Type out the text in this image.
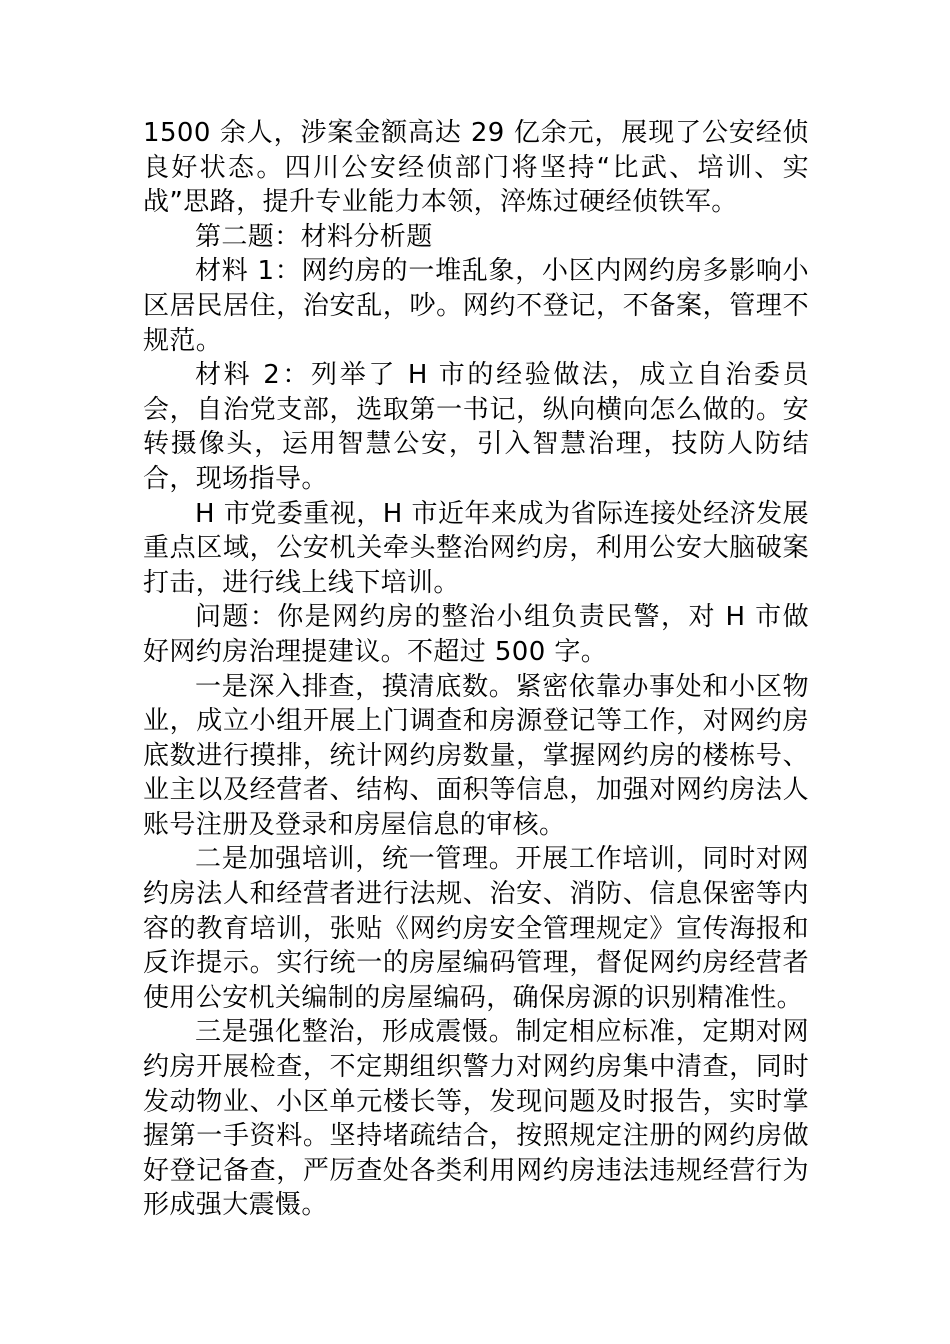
1500 余人，涉案金额高达 29 亿余元，展现了公安经侦良好状态。四川公安经侦部门将坚持“比武、培训、实战”思路，提升专业能力本领，淬炼过硬经侦铁军。

第二题：材料分析题

材料 1：网约房的一堆乱象，小区内网约房多影响小区居民居住，治安乱，吵。网约不登记，不备案，管理不规范。

材料 2：列举了 H 市的经验做法，成立自治委员会，自治党支部，选取第一书记，纵向横向怎么做的。安转摄像头，运用智慧公安，引入智慧治理，技防人防结合，现场指导。

H 市党委重视，H 市近年来成为省际连接处经济发展重点区域，公安机关牵头整治网约房，利用公安大脑破案打击，进行线上线下培训。

问题：你是网约房的整治小组负责民警，对 H 市做好网约房治理提建议。不超过 500 字。

一是深入排查，摸清底数。紧密依靠办事处和小区物业，成立小组开展上门调查和房源登记等工作，对网约房底数进行摸排，统计网约房数量，掌握网约房的楼栋号、业主以及经营者、结构、面积等信息，加强对网约房法人账号注册及登录和房屋信息的审核。

二是加强培训，统一管理。开展工作培训，同时对网约房法人和经营者进行法规、治安、消防、信息保密等内容的教育培训，张贴《网约房安全管理规定》宣传海报和反诈提示。实行统一的房屋编码管理，督促网约房经营者使用公安机关编制的房屋编码，确保房源的识别精准性。

三是强化整治，形成震慑。制定相应标准，定期对网约房开展检查，不定期组织警力对网约房集中清查，同时发动物业、小区单元楼长等，发现问题及时报告，实时掌握第一手资料。坚持堵疏结合，按照规定注册的网约房做好登记备查，严厉查处各类利用网约房违法违规经营行为形成强大震慑。
